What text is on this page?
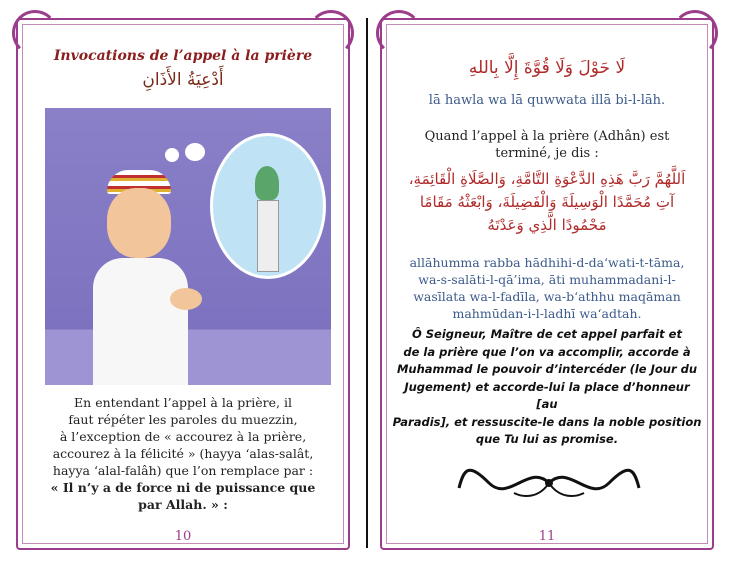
Invocations de l’appel à la prière
أَدْعِيَةُ الأَذَانِ
En entendant l’appel à la prière, il
faut répéter les paroles du muezzin,
à l’exception de « accourez à la prière,
accourez à la félicité » (hayya ‘alas-salât,
hayya ‘alal-falâh) que l’on remplace par :
« Il n’y a de force ni de puissance que
par Allah. » :
10
لَا حَوْلَ وَلَا قُوَّةَ إِلَّا بِاللهِ
lā hawla wa lā quwwata illā bi-l-lāh.
Quand l’appel à la prière (Adhân) est
terminé, je dis :
اَللَّهُمَّ رَبَّ هَذِهِ الدَّعْوَةِ التَّامَّةِ، وَالصَّلَاةِ الْقَائِمَةِ،
آتِ مُحَمَّدًا الْوَسِيلَةَ وَالْفَضِيلَةَ، وَابْعَثْهُ مَقَامًا
مَحْمُودًا الَّذِي وَعَدْتَهُ
allāhumma rabba hādhihi-d-da‘wati-t-tāma,
wa-s-salāti-l-qā’ima, āti muhammadani-l-
wasīlata wa-l-fadīla, wa-b‘athhu maqāman
mahmūdan-i-l-ladhī wa‘adtah.
Ô Seigneur, Maître de cet appel parfait et
de la prière que l’on va accomplir, accorde à
Muhammad le pouvoir d’intercéder (le Jour du
Jugement) et accorde-lui la place d’honneur [au
Paradis], et ressuscite-le dans la noble position
que Tu lui as promise.
11
